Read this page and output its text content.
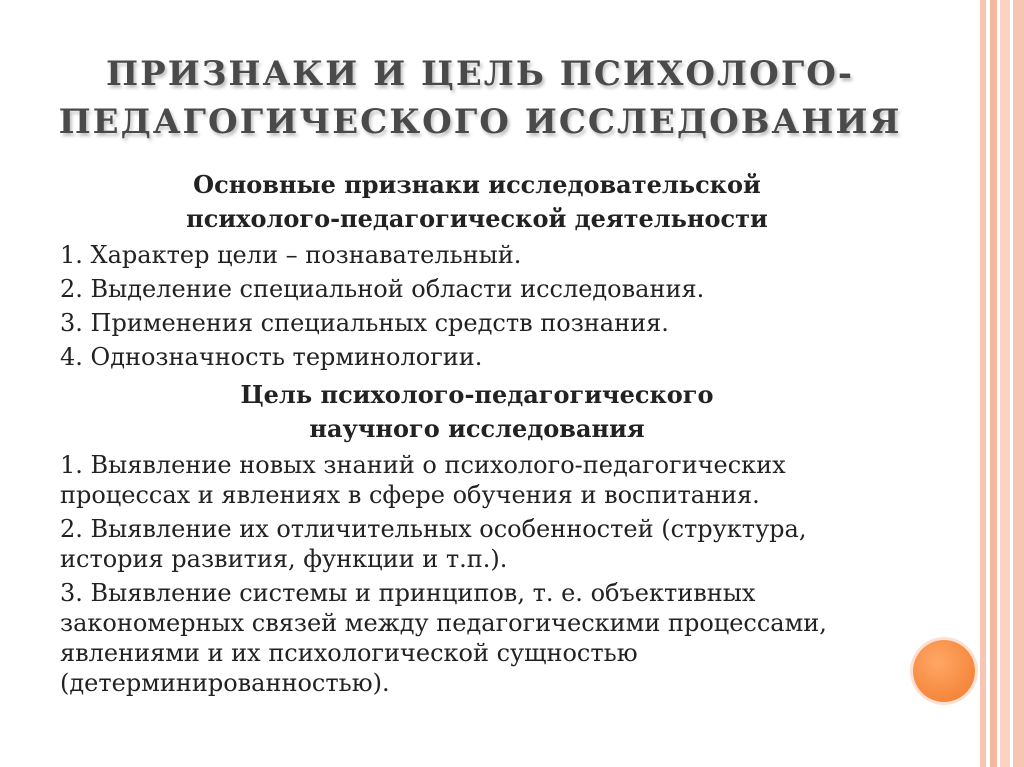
ПРИЗНАКИ И ЦЕЛЬ ПСИХОЛОГО-ПЕДАГОГИЧЕСКОГО ИССЛЕДОВАНИЯ
Основные признаки исследовательской
психолого-педагогической деятельности
1. Характер цели – познавательный.
2. Выделение специальной области исследования.
3. Применения специальных средств познания.
4. Однозначность терминологии.
Цель психолого-педагогического
научного исследования
1. Выявление новых знаний о психолого-педагогических процессах и явлениях в сфере обучения и воспитания.
2. Выявление их отличительных особенностей (структура, история развития, функции и т.п.).
3. Выявление системы и принципов, т. е. объективных закономерных связей между педагогическими процессами, явлениями и их психологической сущностью (детерминированностью).
